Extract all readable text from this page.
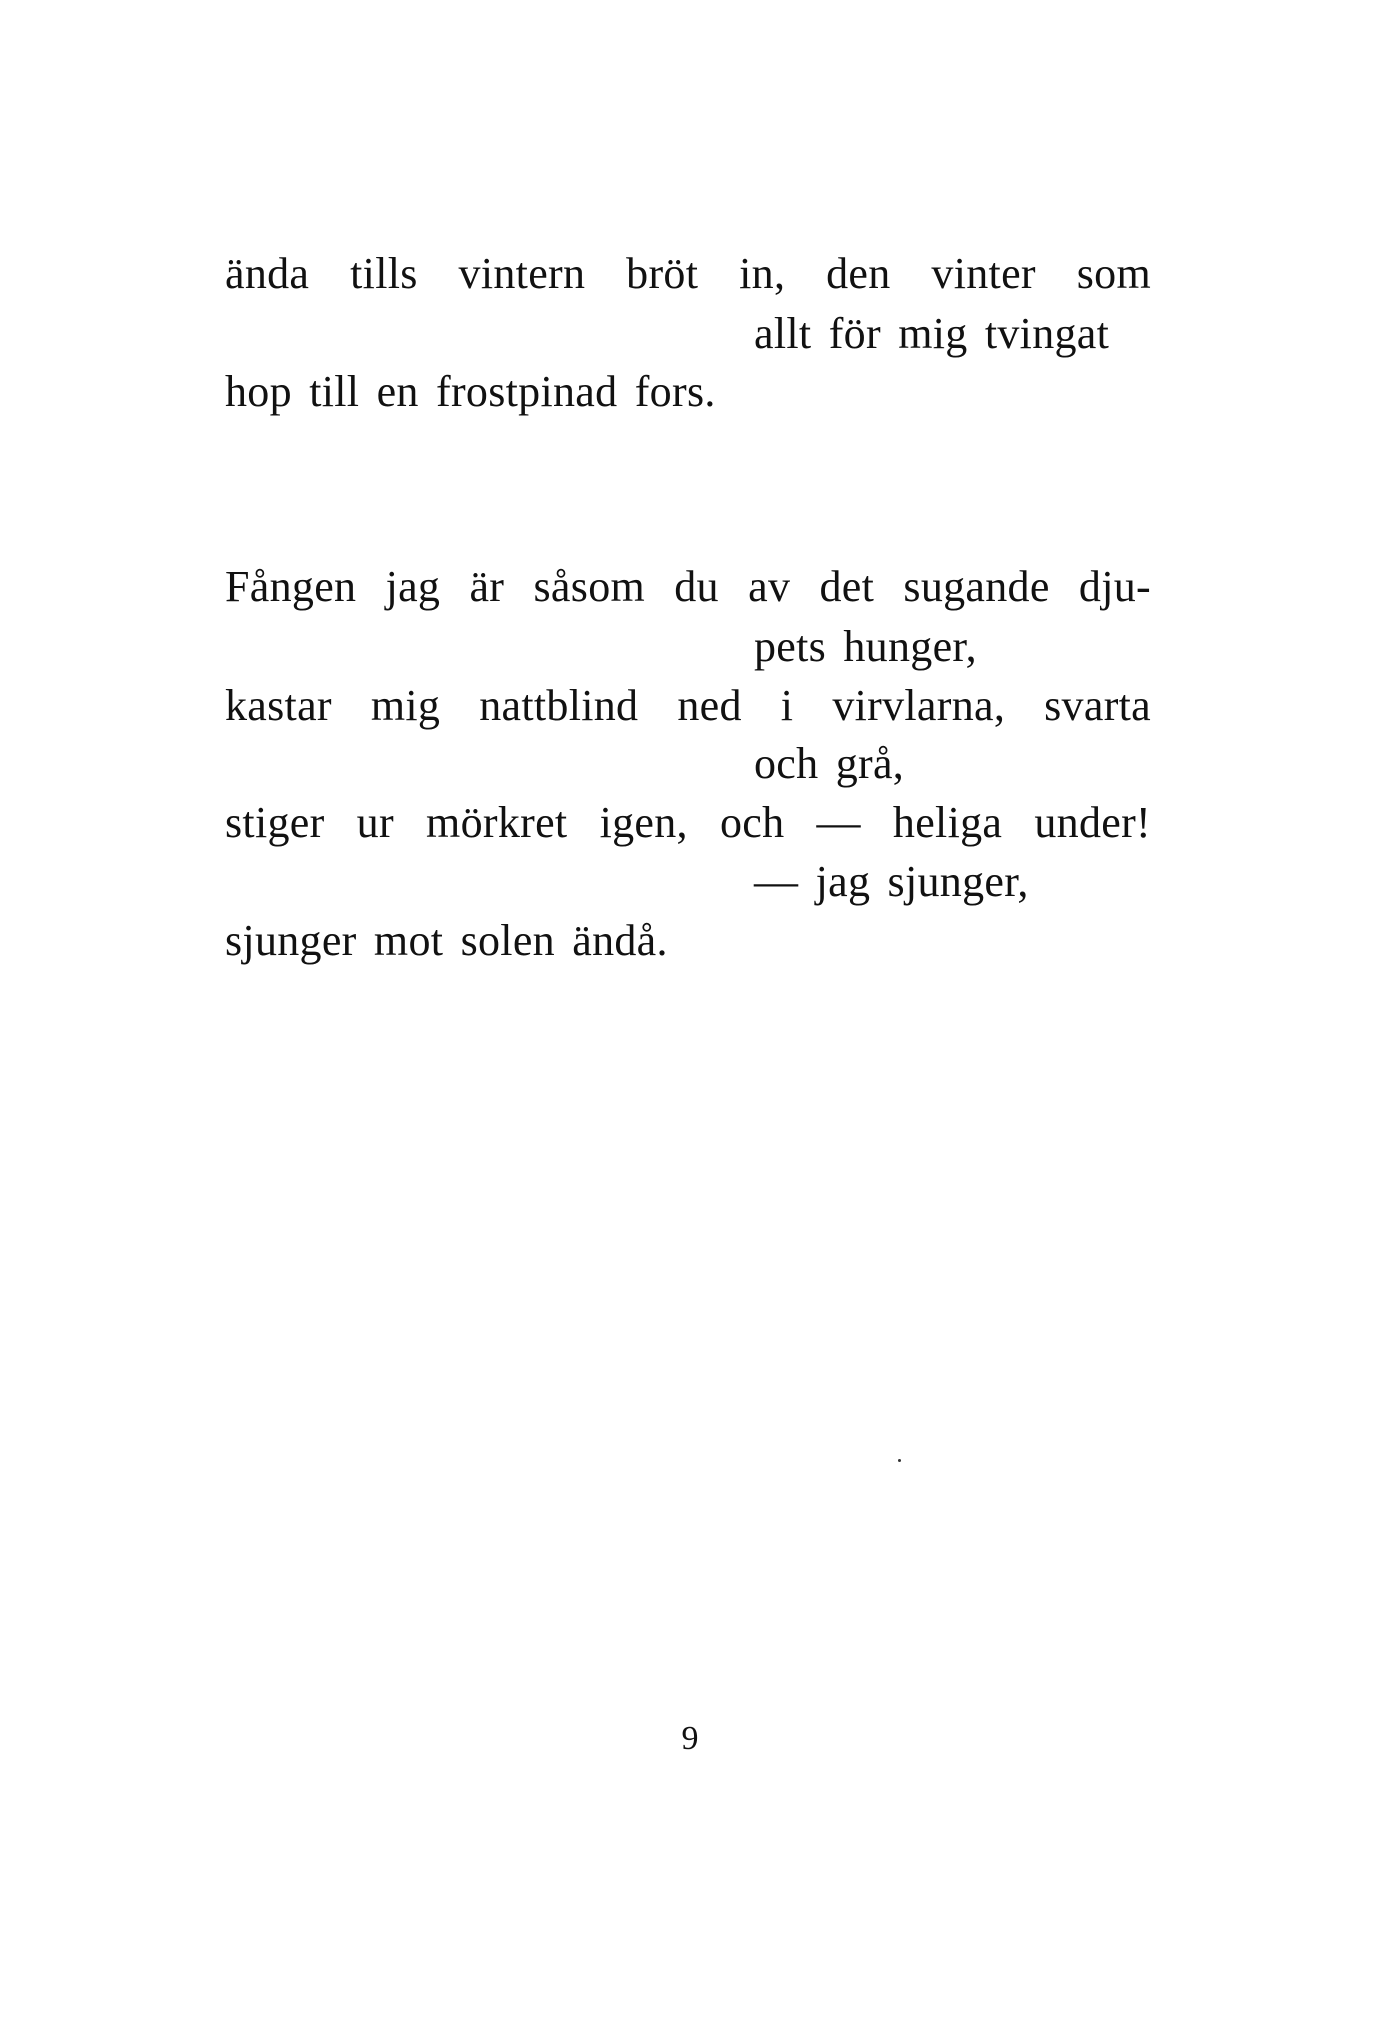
ända tills vintern bröt in, den vinter som
allt för mig tvingat
hop till en frostpinad fors.
Fången jag är såsom du av det sugande dju-
pets hunger,
kastar mig nattblind ned i virvlarna, svarta
och grå,
stiger ur mörkret igen, och — heliga under!
— jag sjunger,
sjunger mot solen ändå.
9
